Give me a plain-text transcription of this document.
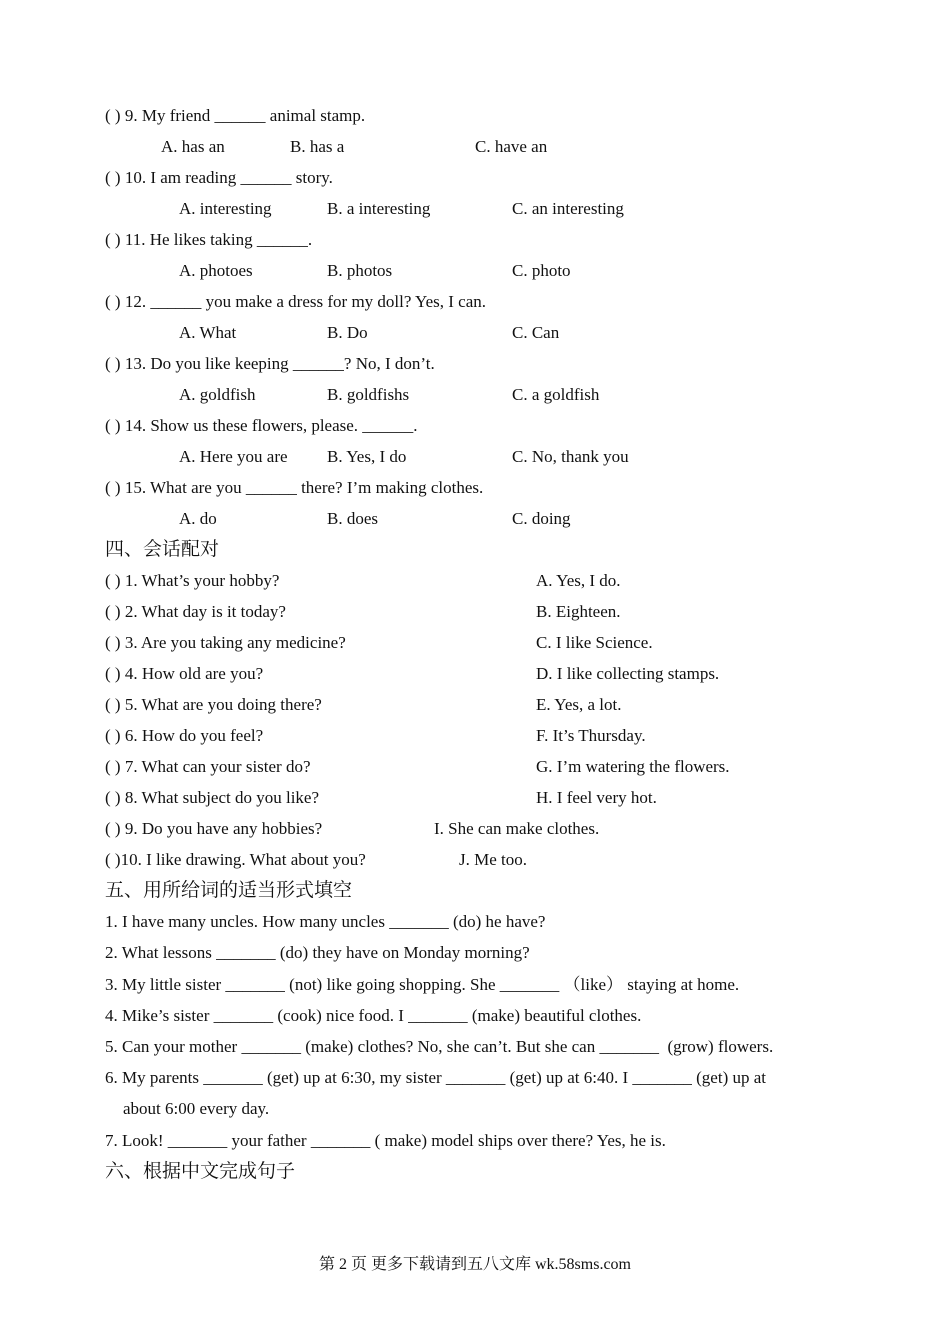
( ) 9. My friend ______ animal stamp.
A. has an	B. has a	C. have an
( ) 10. I am reading ______ story.
A. interesting	B. a interesting	C. an interesting
( ) 11. He likes taking ______.
A. photoes	B. photos	C. photo
( ) 12. ______ you make a dress for my doll? Yes, I can.
A. What	B. Do	C. Can
( ) 13. Do you like keeping ______? No, I don’t.
A. goldfish	B. goldfishs	C. a goldfish
( ) 14. Show us these flowers, please. ______.
A. Here you are B. Yes, I do	C. No, thank you
( ) 15. What are you ______ there? I’m making clothes.
A. do	B. does	C. doing
四、会话配对
( ) 1. What’s your hobby?	A. Yes, I do.
( ) 2. What day is it today?	B. Eighteen.
( ) 3. Are you taking any medicine?	C. I like Science.
( ) 4. How old are you?	D. I like collecting stamps.
( ) 5. What are you doing there?	E. Yes, a lot.
( ) 6. How do you feel?	F. It’s Thursday.
( ) 7. What can your sister do?	G. I’m watering the flowers.
( ) 8. What subject do you like?	H. I feel very hot.
( ) 9. Do you have any hobbies?	I. She can make clothes.
( )10. I like drawing. What about you?	J. Me too.
五、用所给词的适当形式填空
1. I have many uncles. How many uncles _______ (do) he have?
2. What lessons _______ (do) they have on Monday morning?
3. My little sister _______ (not) like going shopping. She _______ （like） staying at home.
4. Mike’s sister _______ (cook) nice food. I _______ (make) beautiful clothes.
5. Can your mother _______ (make) clothes? No, she can’t. But she can _______  (grow) flowers.
6. My parents _______ (get) up at 6:30, my sister _______ (get) up at 6:40. I _______ (get) up at
about 6:00 every day.
7. Look! _______ your father _______ ( make) model ships over there? Yes, he is.
六、根据中文完成句子
第 2 页 更多下载请到五八文库 wk.58sms.com
